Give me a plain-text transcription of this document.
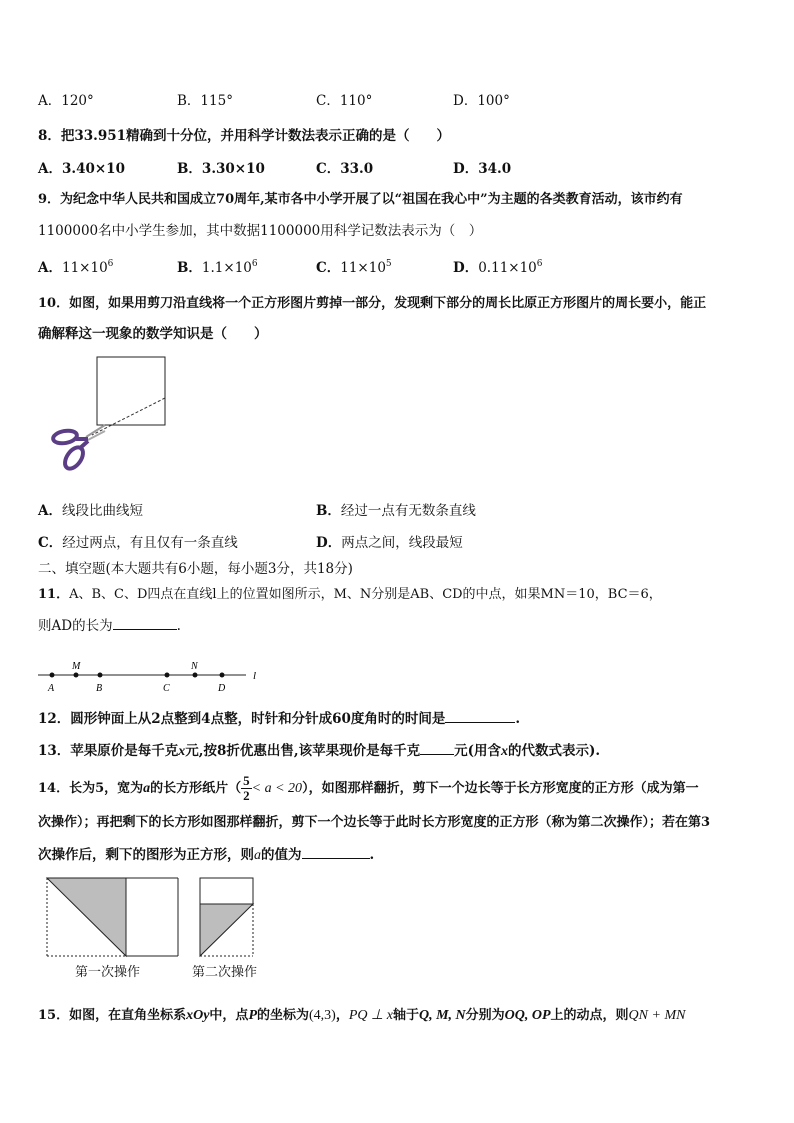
A．120°	B．115°	C．110°	D．100°
8．把33.951精确到十分位，并用科学计数法表示正确的是（　　）
A．3.40×10	B．3.30×10	C．33.0	D．34.0
9．为纪念中华人民共和国成立70周年,某市各中小学开展了以“祖国在我心中”为主题的各类教育活动，该市约有
1100000名中小学生参加，其中数据1100000用科学记数法表示为（　）
A．$11\times 10^6$	B．$1.1\times 10^6$	C．$11\times 10^5$	D．$0.11\times 10^6$
10．如图，如果用剪刀沿直线将一个正方形图片剪掉一部分，发现剩下部分的周长比原正方形图片的周长要小，能正
确解释这一现象的数学知识是（　　）
A．线段比曲线短	B．经过一点有无数条直线
C．经过两点，有且仅有一条直线	D．两点之间，线段最短
二、填空题(本大题共有6小题，每小题3分，共18分)
11．A、B、C、D四点在直线l上的位置如图所示，M、N分别是AB、CD的中点，如果MN＝10，BC＝6，
则AD的长为	.
M	N
A	B	C	D
l
12．圆形钟面上从2点整到4点整，时针和分针成60度角时的时间是	.
13．苹果原价是每千克x元,按8折优惠出售,该苹果现价是每千克	元(用含x的代数式表示).
14．长为5，宽为a的长方形纸片（ $\frac{5}{2} < a < 20$），如图那样翻折，剪下一个边长等于长方形宽度的正方形（成为第一
次操作）；再把剩下的长方形如图那样翻折，剪下一个边长等于此时长方形宽度的正方形（称为第二次操作）；若在第3
次操作后，剩下的图形为正方形，则a的值为	.
第一次操作	第二次操作
15．如图，在直角坐标系xOy中，点P的坐标为(4,3)，PQ ⊥ x轴于Q, M, N分别为OQ, OP上的动点，则QN + MN
